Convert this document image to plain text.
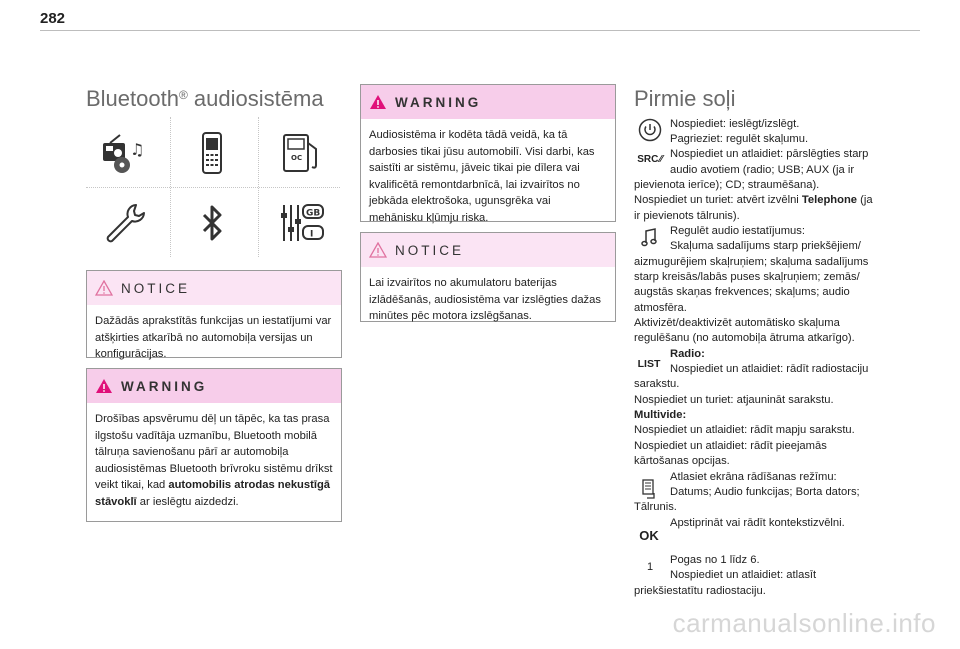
282
Bluetooth® audiosistēma
♫	OC
GB
I
NOTICE
Dažādās aprakstītās funkcijas un iestatījumi var atšķirties atkarībā no automobiļa versijas un konfigurācijas.
WARNING
Drošības apsvērumu dēļ un tāpēc, ka tas prasa ilgstošu vadītāja uzmanību, Bluetooth mobilā tālruņa savienošanu pārī ar automobiļa audiosistēmas Bluetooth brīvroku sistēmu drīkst veikt tikai, kad automobilis atrodas nekustīgā stāvoklī ar ieslēgtu aizdedzi.
WARNING
Audiosistēma ir kodēta tādā veidā, ka tā darbosies tikai jūsu automobilī. Visi darbi, kas saistīti ar sistēmu, jāveic tikai pie dīlera vai kvalificētā remontdarbnīcā, lai izvairītos no jebkāda elektrošoka, ugunsgrēka vai mehānisku kļūmju riska.
NOTICE
Lai izvairītos no akumulatoru baterijas izlādēšanās, audiosistēma var izslēgties dažas minūtes pēc motora izslēgšanas.
Pirmie soļi
SRC ⁄⁄
LIST
OK
1
Nospiediet: ieslēgt/izslēgt.
Pagrieziet: regulēt skaļumu.
Nospiediet un atlaidiet: pārslēgties starp
audio avotiem (radio; USB; AUX (ja ir
pievienota ierīce); CD; straumēšana).
Nospiediet un turiet: atvērt izvēlni Telephone (ja
ir pievienots tālrunis).
Regulēt audio iestatījumus:
Skaļuma sadalījums starp priekšējiem/
aizmugurējiem skaļruņiem; skaļuma sadalījums
starp kreisās/labās puses skaļruņiem; zemās/
augstās skaņas frekvences; skaļums; audio
atmosfēra.
Aktivizēt/deaktivizēt automātisko skaļuma
regulēšanu (no automobiļa ātruma atkarīgo).
Radio:
Nospiediet un atlaidiet: rādīt radiostaciju
sarakstu.
Nospiediet un turiet: atjaunināt sarakstu.
Multivide:
Nospiediet un atlaidiet: rādīt mapju sarakstu.
Nospiediet un atlaidiet: rādīt pieejamās
kārtošanas opcijas.
Atlasiet ekrāna rādīšanas režīmu:
Datums; Audio funkcijas; Borta dators;
Tālrunis.
Apstiprināt vai rādīt kontekstizvēlni.
Pogas no 1 līdz 6.
Nospiediet un atlaidiet: atlasīt
priekšiestatītu radiostaciju.
carmanualsonline.info
